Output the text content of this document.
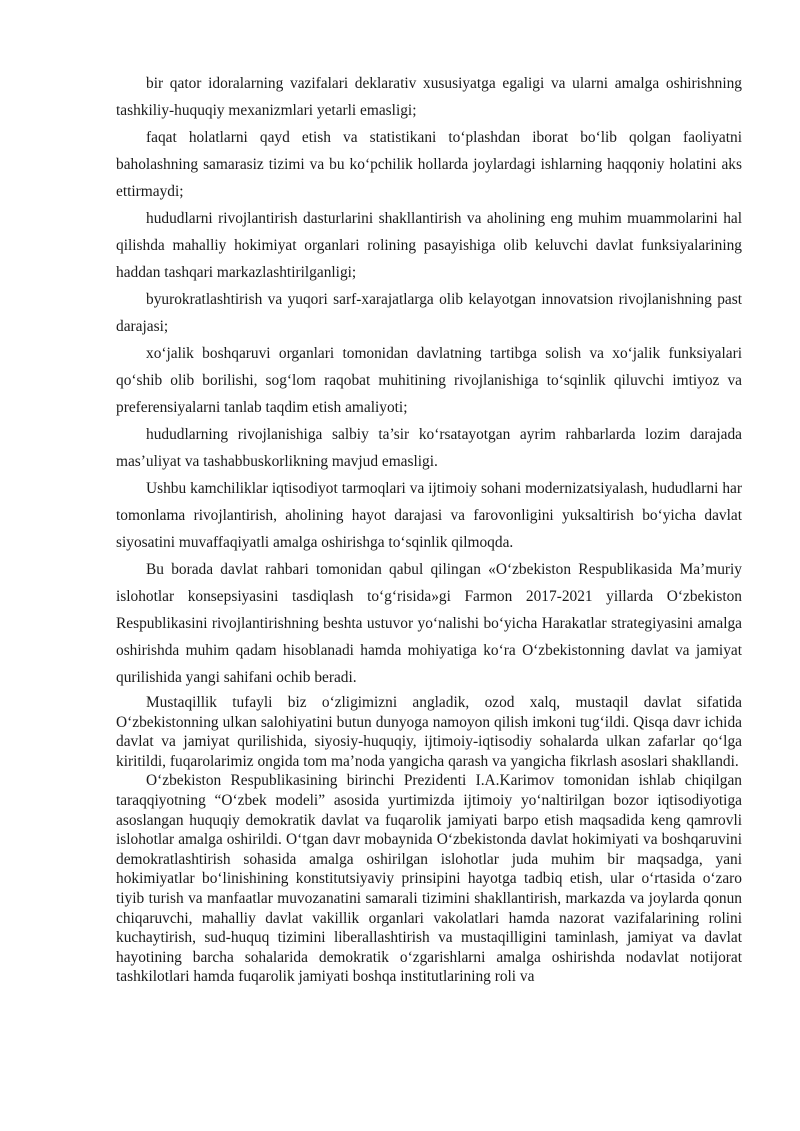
bir qator idoralarning vazifalari deklarativ xususiyatga egaligi va ularni amalga oshirishning tashkiliy-huquqiy mexanizmlari yetarli emasligi;

faqat holatlarni qayd etish va statistikani to‘plashdan iborat bo‘lib qolgan faoliyatni baholashning samarasiz tizimi va bu ko‘pchilik hollarda joylardagi ishlarning haqqoniy holatini aks ettirmaydi;

hududlarni rivojlantirish dasturlarini shakllantirish va aholining eng muhim muammolarini hal qilishda mahalliy hokimiyat organlari rolining pasayishiga olib keluvchi davlat funksiyalarining haddan tashqari markazlashtirilganligi;

byurokratlashtirish va yuqori sarf-xarajatlarga olib kelayotgan innovatsion rivojlanishning past darajasi;

xo‘jalik boshqaruvi organlari tomonidan davlatning tartibga solish va xo‘jalik funksiyalari qo‘shib olib borilishi, sog‘lom raqobat muhitining rivojlanishiga to‘sqinlik qiluvchi imtiyoz va preferensiyalarni tanlab taqdim etish amaliyoti;

hududlarning rivojlanishiga salbiy ta’sir ko‘rsatayotgan ayrim rahbarlarda lozim darajada mas’uliyat va tashabbuskorlikning mavjud emasligi.

Ushbu kamchiliklar iqtisodiyot tarmoqlari va ijtimoiy sohani modernizatsiyalash, hududlarni har tomonlama rivojlantirish, aholining hayot darajasi va farovonligini yuksaltirish bo‘yicha davlat siyosatini muvaffaqiyatli amalga oshirishga to‘sqinlik qilmoqda.

Bu borada davlat rahbari tomonidan qabul qilingan «O‘zbekiston Respublikasida Ma’muriy islohotlar konsepsiyasini tasdiqlash to‘g‘risida»gi Farmon 2017-2021 yillarda O‘zbekiston Respublikasini rivojlantirishning beshta ustuvor yo‘nalishi bo‘yicha Harakatlar strategiyasini amalga oshirishda muhim qadam hisoblanadi hamda mohiyatiga ko‘ra O‘zbekistonning davlat va jamiyat qurilishida yangi sahifani ochib beradi.

Mustaqillik tufayli biz o‘zligimizni angladik, ozod xalq, mustaqil davlat sifatida O‘zbekistonning ulkan salohiyatini butun dunyoga namoyon qilish imkoni tug‘ildi. Qisqa davr ichida davlat va jamiyat qurilishida, siyosiy-huquqiy, ijtimoiy-iqtisodiy sohalarda ulkan zafarlar qo‘lga kiritildi, fuqarolarimiz ongida tom ma’noda yangicha qarash va yangicha fikrlash asoslari shakllandi.

O‘zbekiston Respublikasining birinchi Prezidenti I.A.Karimov tomonidan ishlab chiqilgan taraqqiyotning “O‘zbek modeli” asosida yurtimizda ijtimoiy yo‘naltirilgan bozor iqtisodiyotiga asoslangan huquqiy demokratik davlat va fuqarolik jamiyati barpo etish maqsadida keng qamrovli islohotlar amalga oshirildi. O‘tgan davr mobaynida O‘zbekistonda davlat hokimiyati va boshqaruvini demokratlashtirish sohasida amalga oshirilgan islohotlar juda muhim bir maqsadga, yani hokimiyatlar bo‘linishining konstitutsiyaviy prinsipini hayotga tadbiq etish, ular o‘rtasida o‘zaro tiyib turish va manfaatlar muvozanatini samarali tizimini shakllantirish, markazda va joylarda qonun chiqaruvchi, mahalliy davlat vakillik organlari vakolatlari hamda nazorat vazifalarining rolini kuchaytirish, sud-huquq tizimini liberallashtirish va mustaqilligini taminlash, jamiyat va davlat hayotining barcha sohalarida demokratik o‘zgarishlarni amalga oshirishda nodavlat notijorat tashkilotlari hamda fuqarolik jamiyati boshqa institutlarining roli va
